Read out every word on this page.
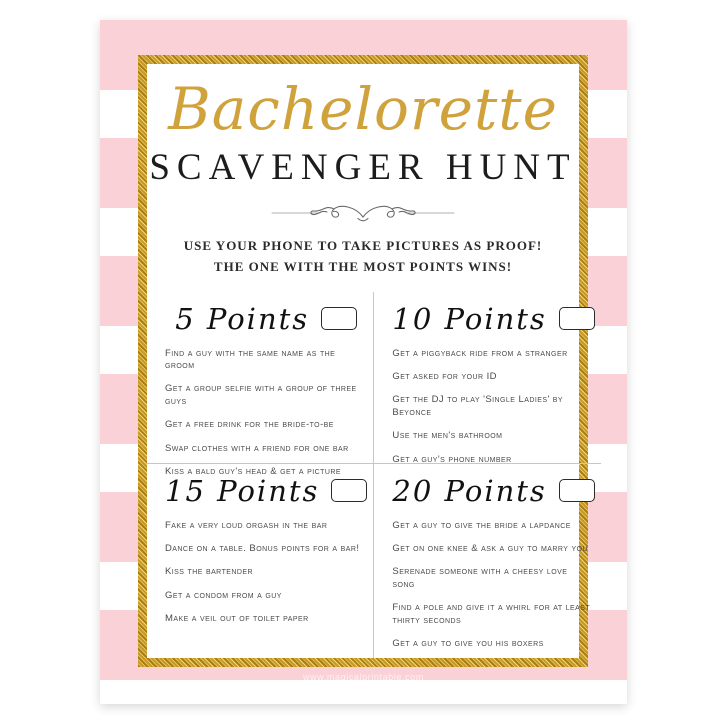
Bachelorette
SCAVENGER HUNT
USE YOUR PHONE TO TAKE PICTURES AS PROOF!
THE ONE WITH THE MOST POINTS WINS!
5 Points
Find a guy with the same name as the groom
Get a group selfie with a group of three guys
Get a free drink for the bride-to-be
Swap clothes with a friend for one bar
Kiss a bald guy's head & get a picture
10 Points
Get a piggyback ride from a stranger
Get asked for your ID
Get the DJ to play 'Single Ladies' by Beyonce
Use the men's bathroom
Get a guy's phone number
15 Points
Fake a very loud orgash in the bar
Dance on a table. Bonus points for a bar!
Kiss the bartender
Get a condom from a guy
Make a veil out of toilet paper
20 Points
Get a guy to give the bride a lapdance
Get on one knee & ask a guy to marry you
Serenade someone with a cheesy love song
Find a pole and give it a whirl for at least thirty seconds
Get a guy to give you his boxers
www.magicalprintable.com
